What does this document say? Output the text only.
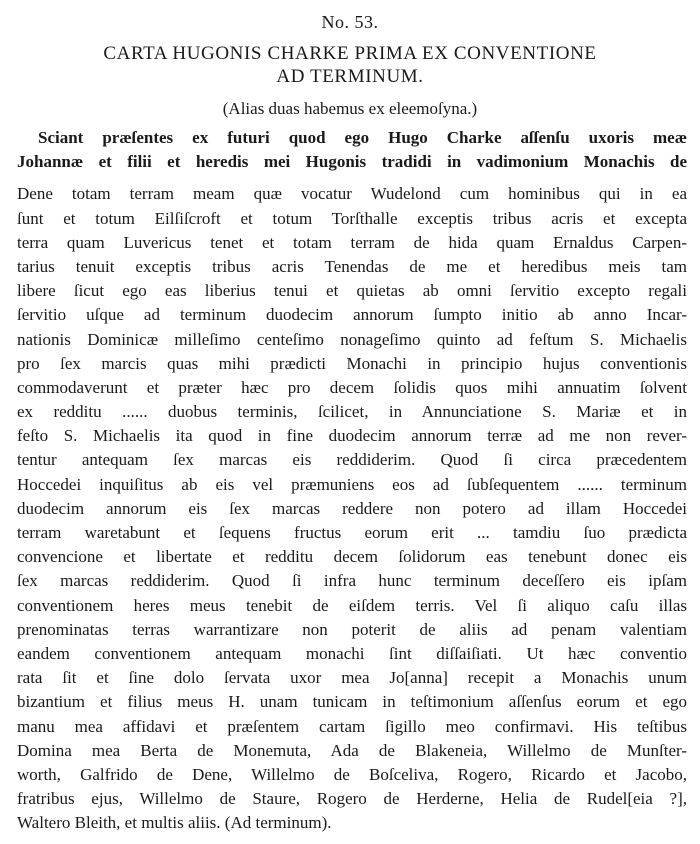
No. 53.
CARTA HUGONIS CHARKE PRIMA EX CONVENTIONE
AD TERMINUM.
(Alias duas habemus ex eleemoſyna.)
Sciant præſentes ex futuri quod ego Hugo Charke aſſenſu uxoris meæ
Johannæ et filii et heredis mei Hugonis tradidi in vadimonium Monachis de
Dene totam terram meam quæ vocatur Wudelond cum hominibus qui in ea
ſunt et totum Eilſiſcroft et totum Torſthalle exceptis tribus acris et excepta
terra quam Luvericus tenet et totam terram de hida quam Ernaldus Carpen-
tarius tenuit exceptis tribus acris Tenendas de me et heredibus meis tam
libere ſicut ego eas liberius tenui et quietas ab omni ſervitio excepto regali
ſervitio uſque ad terminum duodecim annorum ſumpto initio ab anno Incar-
nationis Dominicæ milleſimo centeſimo nonageſimo quinto ad feſtum S. Michaelis
pro ſex marcis quas mihi prædicti Monachi in principio hujus conventionis
commodaverunt et præter hæc pro decem ſolidis quos mihi annuatim ſolvent
ex redditu ...... duobus terminis, ſcilicet, in Annunciatione S. Mariæ et in
feſto S. Michaelis ita quod in fine duodecim annorum terræ ad me non rever-
tentur antequam ſex marcas eis reddiderim. Quod ſi circa præcedentem
Hoccedei inquiſitus ab eis vel præmuniens eos ad ſubſequentem ...... terminum
duodecim annorum eis ſex marcas reddere non potero ad illam Hoccedei
terram waretabunt et ſequens fructus eorum erit ... tamdiu ſuo prædicta
convencione et libertate et redditu decem ſolidorum eas tenebunt donec eis
ſex marcas reddiderim. Quod ſi infra hunc terminum deceſſero eis ipſam
conventionem heres meus tenebit de eiſdem terris. Vel ſi aliquo caſu illas
prenominatas terras warrantizare non poterit de aliis ad penam valentiam
eandem conventionem antequam monachi ſint diſſaiſiati. Ut hæc conventio
rata ſit et ſine dolo ſervata uxor mea Jo[anna] recepit a Monachis unum
bizantium et filius meus H. unam tunicam in teſtimonium aſſenſus eorum et ego
manu mea affidavi et præſentem cartam ſigillo meo confirmavi. His teſtibus
Domina mea Berta de Monemuta, Ada de Blakeneia, Willelmo de Munſter-
worth, Galfrido de Dene, Willelmo de Boſceliva, Rogero, Ricardo et Jacobo,
fratribus ejus, Willelmo de Staure, Rogero de Herderne, Helia de Rudel[eia ?],
Waltero Bleith, et multis aliis. (Ad terminum).
